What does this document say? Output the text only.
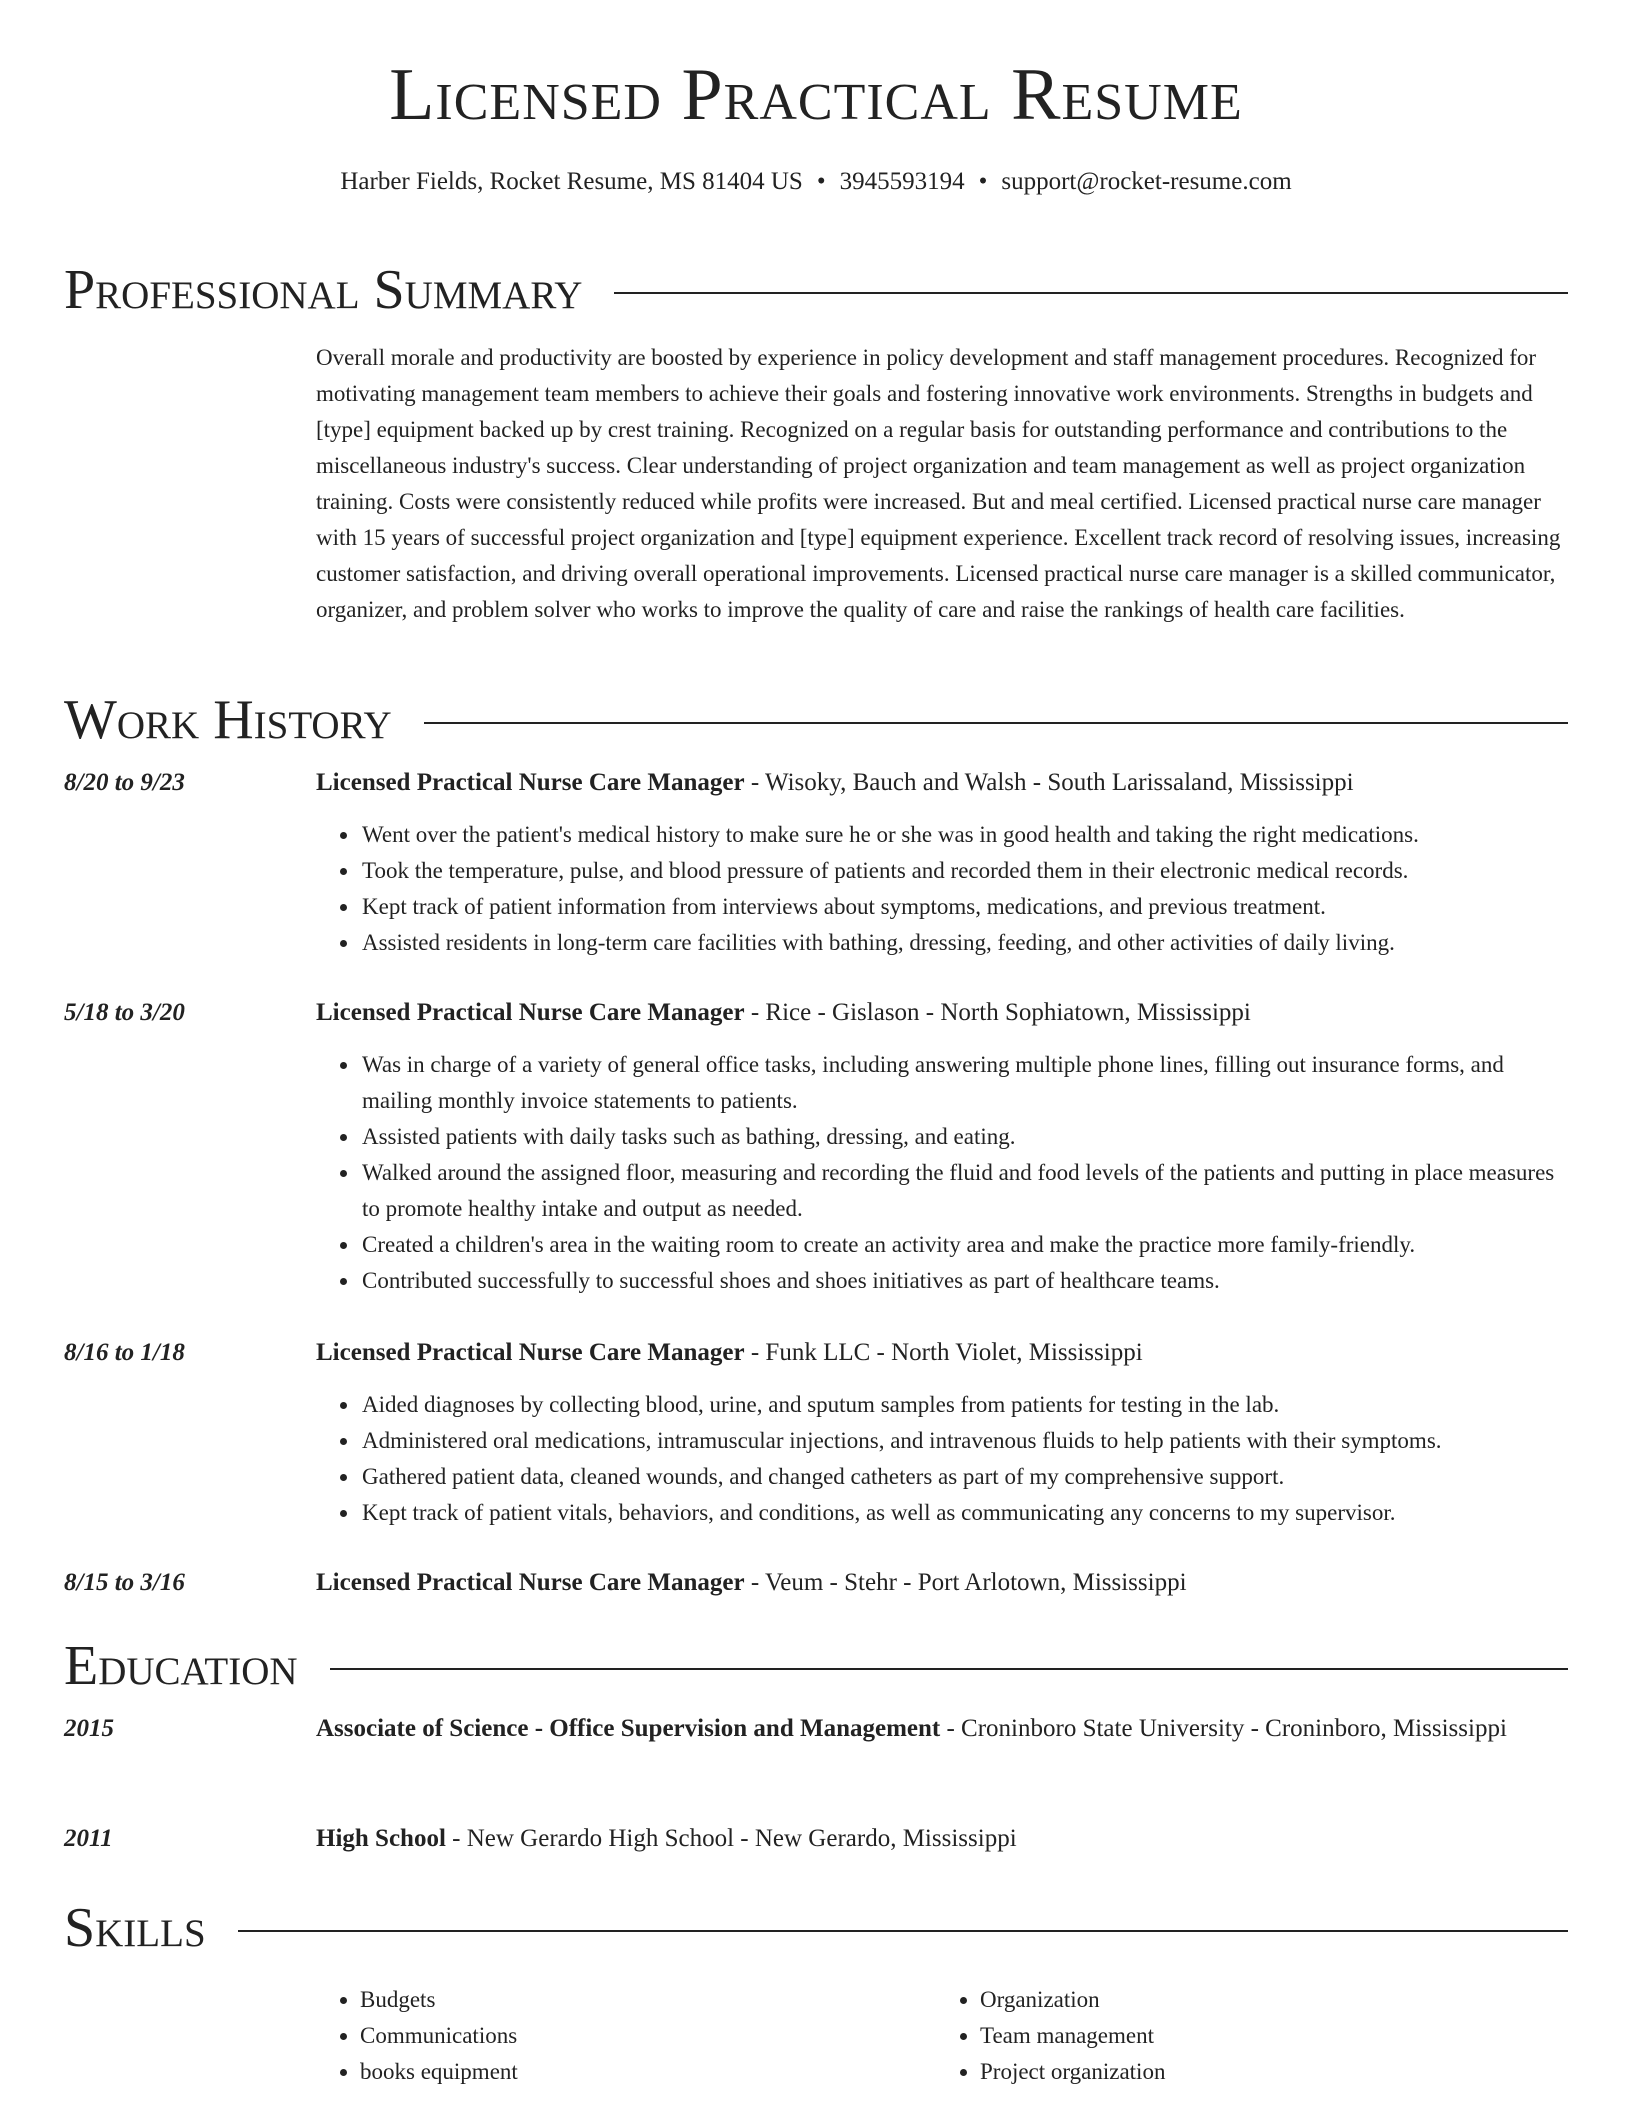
Licensed Practical Resume
Harber Fields, Rocket Resume, MS 81404 US • 3945593194 • support@rocket-resume.com
Professional Summary

Overall morale and productivity are boosted by experience in policy development and staff management procedures. Recognized for motivating management team members to achieve their goals and fostering innovative work environments. Strengths in budgets and [type] equipment backed up by crest training. Recognized on a regular basis for outstanding performance and contributions to the miscellaneous industry's success. Clear understanding of project organization and team management as well as project organization training. Costs were consistently reduced while profits were increased. But and meal certified. Licensed practical nurse care manager with 15 years of successful project organization and [type] equipment experience. Excellent track record of resolving issues, increasing customer satisfaction, and driving overall operational improvements. Licensed practical nurse care manager is a skilled communicator, organizer, and problem solver who works to improve the quality of care and raise the rankings of health care facilities.

Work History
8/20 to 9/23	Licensed Practical Nurse Care Manager - Wisoky, Bauch and Walsh - South Larissaland, Mississippi
• Went over the patient's medical history to make sure he or she was in good health and taking the right medications.
• Took the temperature, pulse, and blood pressure of patients and recorded them in their electronic medical records.
• Kept track of patient information from interviews about symptoms, medications, and previous treatment.
• Assisted residents in long-term care facilities with bathing, dressing, feeding, and other activities of daily living.
5/18 to 3/20	Licensed Practical Nurse Care Manager - Rice - Gislason - North Sophiatown, Mississippi
• Was in charge of a variety of general office tasks, including answering multiple phone lines, filling out insurance forms, and mailing monthly invoice statements to patients.
• Assisted patients with daily tasks such as bathing, dressing, and eating.
• Walked around the assigned floor, measuring and recording the fluid and food levels of the patients and putting in place measures to promote healthy intake and output as needed.
• Created a children's area in the waiting room to create an activity area and make the practice more family-friendly.
• Contributed successfully to successful shoes and shoes initiatives as part of healthcare teams.
8/16 to 1/18	Licensed Practical Nurse Care Manager - Funk LLC - North Violet, Mississippi
• Aided diagnoses by collecting blood, urine, and sputum samples from patients for testing in the lab.
• Administered oral medications, intramuscular injections, and intravenous fluids to help patients with their symptoms.
• Gathered patient data, cleaned wounds, and changed catheters as part of my comprehensive support.
• Kept track of patient vitals, behaviors, and conditions, as well as communicating any concerns to my supervisor.
8/15 to 3/16	Licensed Practical Nurse Care Manager - Veum - Stehr - Port Arlotown, Mississippi
Education
2015	Associate of Science - Office Supervision and Management - Croninboro State University - Croninboro, Mississippi
2011	High School - New Gerardo High School - New Gerardo, Mississippi
Skills
• Budgets
• Communications
• books equipment
• Organization
• Team management
• Project organization
